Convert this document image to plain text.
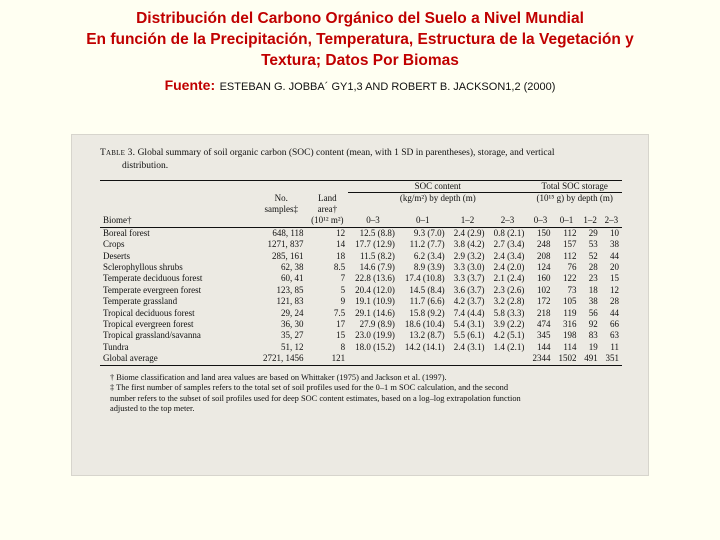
Distribución del Carbono Orgánico del Suelo a Nivel Mundial
En función de la Precipitación, Temperatura, Estructura de la Vegetación y
Textura; Datos Por Biomas
Fuente: ESTEBAN G. JOBBA´ GY1,3 AND ROBERT B. JACKSON1,2 (2000)
Table 3. Global summary of soil organic carbon (SOC) content (mean, with 1 SD in parentheses), storage, and vertical
distribution.
			SOC content				Total SOC storage			
	No.	Land	(kg/m²) by depth (m)				(10¹⁵ g) by depth (m)			
	samples‡	area†								
Biome†		(10¹² m²)	0–3	0–1	1–2	2–3	0–3	0–1	1–2	2–3
Boreal forest	648, 118	12	12.5 (8.8)	9.3 (7.0)	2.4 (2.9)	0.8 (2.1)	150	112	29	10
Crops	1271, 837	14	17.7 (12.9)	11.2 (7.7)	3.8 (4.2)	2.7 (3.4)	248	157	53	38
Deserts	285, 161	18	11.5 (8.2)	6.2 (3.4)	2.9 (3.2)	2.4 (3.4)	208	112	52	44
Sclerophyllous shrubs	62, 38	8.5	14.6 (7.9)	8.9 (3.9)	3.3 (3.0)	2.4 (2.0)	124	76	28	20
Temperate deciduous forest	60, 41	7	22.8 (13.6)	17.4 (10.8)	3.3 (3.7)	2.1 (2.4)	160	122	23	15
Temperate evergreen forest	123, 85	5	20.4 (12.0)	14.5 (8.4)	3.6 (3.7)	2.3 (2.6)	102	73	18	12
Temperate grassland	121, 83	9	19.1 (10.9)	11.7 (6.6)	4.2 (3.7)	3.2 (2.8)	172	105	38	28
Tropical deciduous forest	29, 24	7.5	29.1 (14.6)	15.8 (9.2)	7.4 (4.4)	5.8 (3.3)	218	119	56	44
Tropical evergreen forest	36, 30	17	27.9 (8.9)	18.6 (10.4)	5.4 (3.1)	3.9 (2.2)	474	316	92	66
Tropical grassland/savanna	35, 27	15	23.0 (19.9)	13.2 (8.7)	5.5 (6.1)	4.2 (5.1)	345	198	83	63
Tundra	51, 12	8	18.0 (15.2)	14.2 (14.1)	2.4 (3.1)	1.4 (2.1)	144	114	19	11
Global average	2721, 1456	121					2344	1502	491	351
† Biome classification and land area values are based on Whittaker (1975) and Jackson et al. (1997).
‡ The first number of samples refers to the total set of soil profiles used for the 0–1 m SOC calculation, and the second
number refers to the subset of soil profiles used for deep SOC content estimates, based on a log–log extrapolation function
adjusted to the top meter.
